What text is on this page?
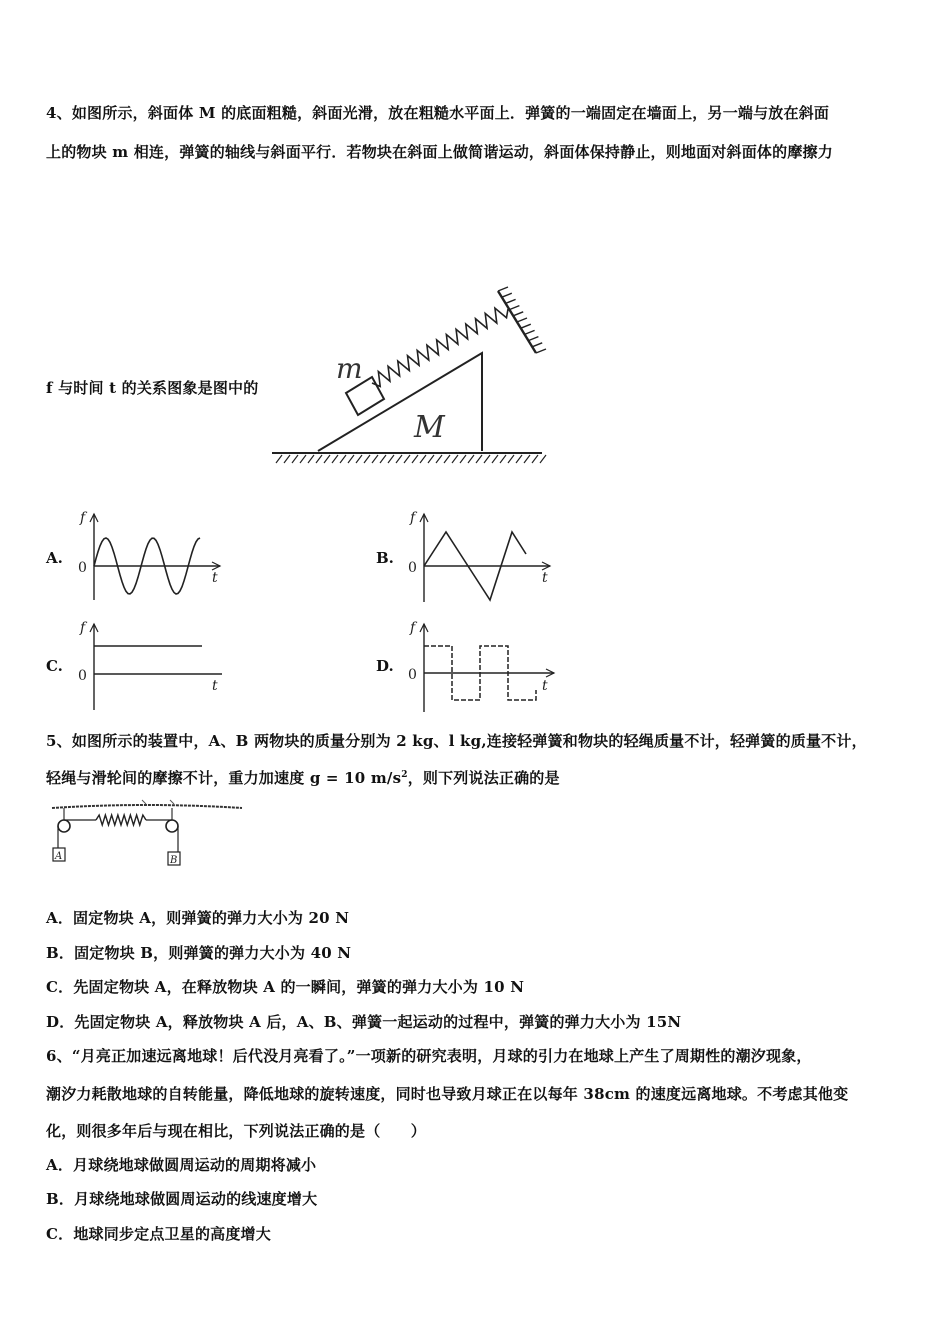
4、如图所示，斜面体 M 的底面粗糙，斜面光滑，放在粗糙水平面上．弹簧的一端固定在墙面上，另一端与放在斜面
上的物块 m 相连，弹簧的轴线与斜面平行．若物块在斜面上做简谐运动，斜面体保持静止，则地面对斜面体的摩擦力
f 与时间 t 的关系图象是图中的
m
M
A.
f
t
0
B.
f
t
0
C.
f
t
0
D.
f
t
0
5、如图所示的装置中，A、B 两物块的质量分别为 2 kg、l kg,连接轻弹簧和物块的轻绳质量不计，轻弹簧的质量不计，
轻绳与滑轮间的摩擦不计，重力加速度 g = 10 $m/s^2$，则下列说法正确的是
A	B
A．固定物块 A，则弹簧的弹力大小为 20 N
B．固定物块 B，则弹簧的弹力大小为 40 N
C．先固定物块 A，在释放物块 A 的一瞬间，弹簧的弹力大小为 10 N
D．先固定物块 A，释放物块 A 后，A、B、弹簧一起运动的过程中，弹簧的弹力大小为 15N
6、“月亮正加速远离地球！后代没月亮看了。”一项新的研究表明，月球的引力在地球上产生了周期性的潮汐现象，
潮汐力耗散地球的自转能量，降低地球的旋转速度，同时也导致月球正在以每年 38cm 的速度远离地球。不考虑其他变
化，则很多年后与现在相比，下列说法正确的是（　　）
A．月球绕地球做圆周运动的周期将减小
B．月球绕地球做圆周运动的线速度增大
C．地球同步定点卫星的高度增大
